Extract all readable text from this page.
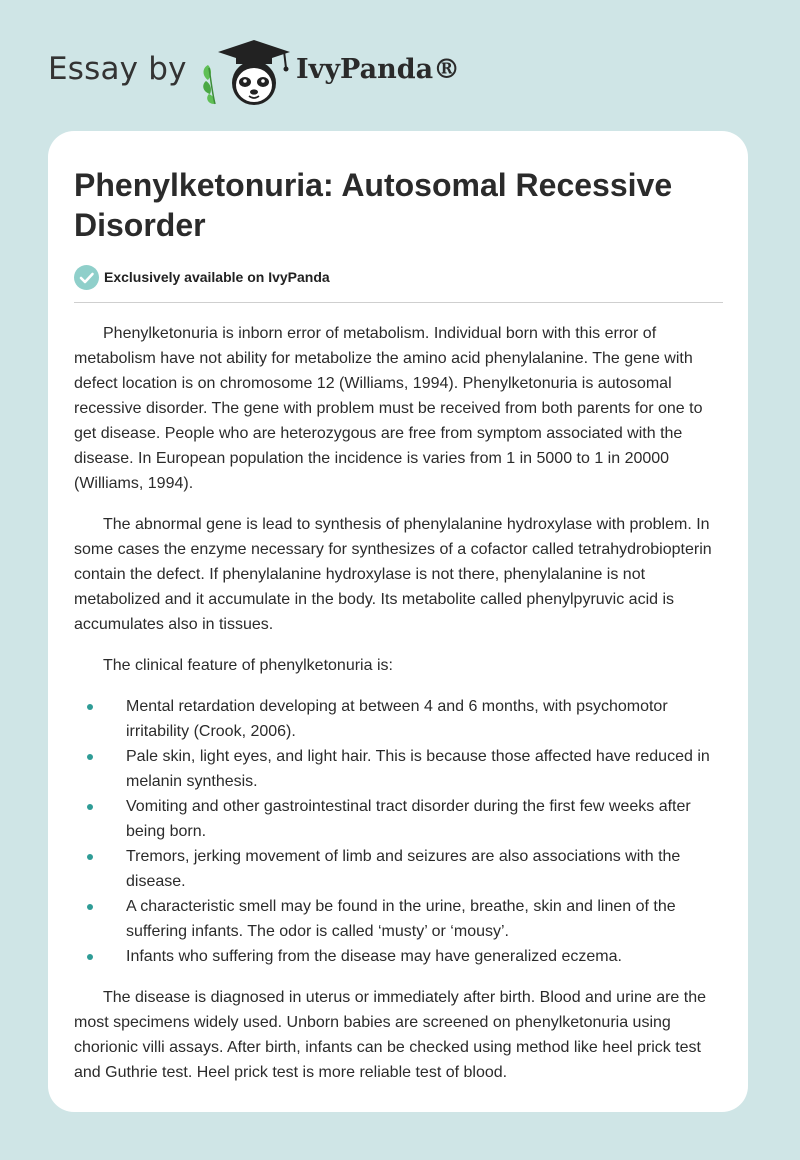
Essay by	IvyPanda®
Phenylketonuria: Autosomal Recessive Disorder
Exclusively available on IvyPanda

Phenylketonuria is inborn error of metabolism. Individual born with this error of metabolism have not ability for metabolize the amino acid phenylalanine. The gene with defect location is on chromosome 12 (Williams, 1994). Phenylketonuria is autosomal recessive disorder. The gene with problem must be received from both parents for one to get disease. People who are heterozygous are free from symptom associated with the disease. In European population the incidence is varies from 1 in 5000 to 1 in 20000 (Williams, 1994).

The abnormal gene is lead to synthesis of phenylalanine hydroxylase with problem. In some cases the enzyme necessary for synthesizes of a cofactor called tetrahydrobiopterin contain the defect. If phenylalanine hydroxylase is not there, phenylalanine is not metabolized and it accumulate in the body. Its metabolite called phenylpyruvic acid is accumulates also in tissues.

The clinical feature of phenylketonuria is:

Mental retardation developing at between 4 and 6 months, with psychomotor irritability (Crook, 2006).
Pale skin, light eyes, and light hair. This is because those affected have reduced in melanin synthesis.
Vomiting and other gastrointestinal tract disorder during the first few weeks after being born.
Tremors, jerking movement of limb and seizures are also associations with the disease.
A characteristic smell may be found in the urine, breathe, skin and linen of the suffering infants. The odor is called ‘musty’ or ‘mousy’.
Infants who suffering from the disease may have generalized eczema.

The disease is diagnosed in uterus or immediately after birth. Blood and urine are the most specimens widely used. Unborn babies are screened on phenylketonuria using chorionic villi assays. After birth, infants can be checked using method like heel prick test and Guthrie test. Heel prick test is more reliable test of blood.
